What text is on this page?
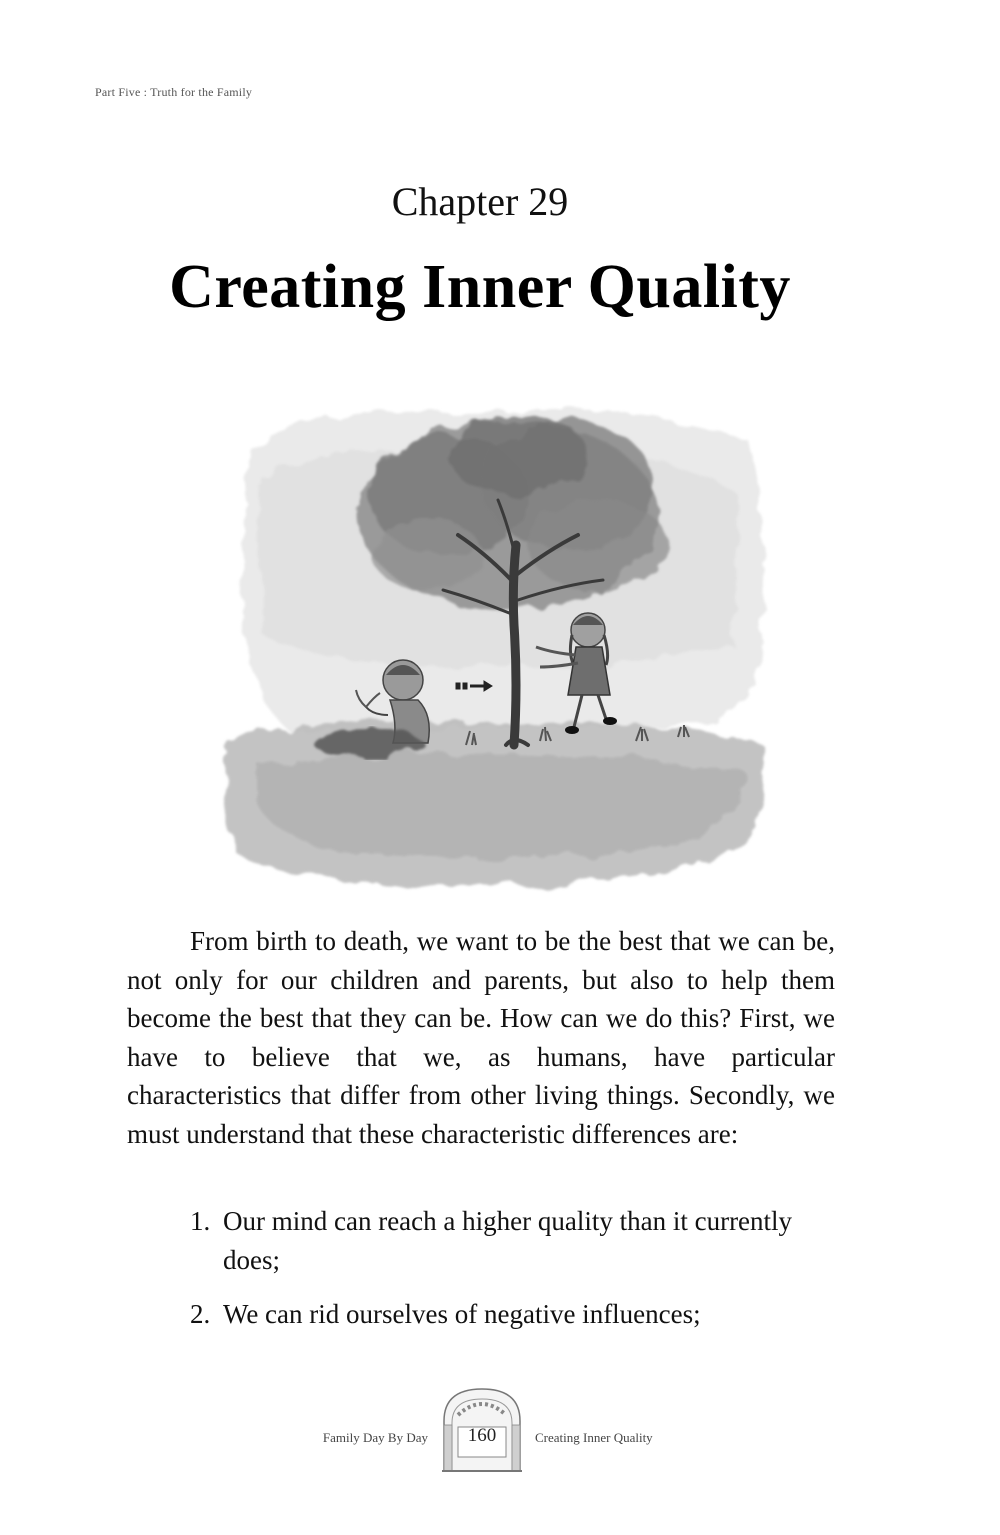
Part Five : Truth for the Family
Chapter 29
Creating Inner Quality

From birth to death, we want to be the best that we can be, not only for our children and parents, but also to help them become the best that they can be. How can we do this? First, we have to believe that we, as humans, have particular characteristics that differ from other living things. Secondly, we must understand that these characteristic differences are:

1. Our mind can reach a higher quality than it currently does;
2. We can rid ourselves of negative influences;
Family Day By Day	160	Creating Inner Quality
